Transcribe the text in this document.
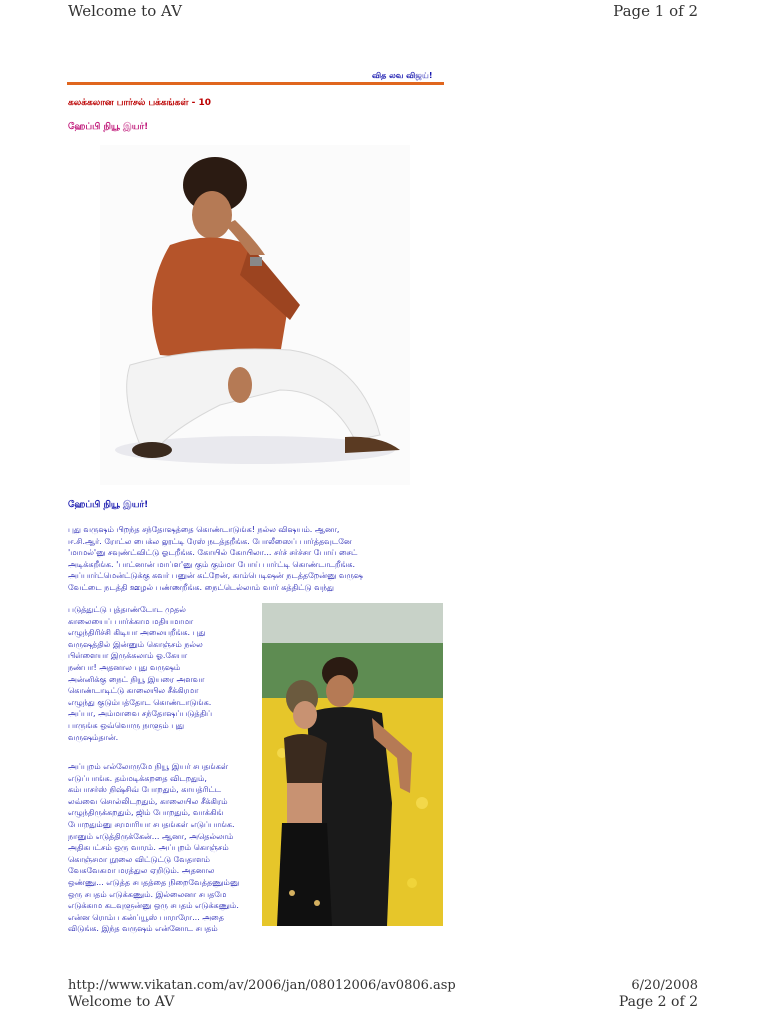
Welcome to AV	Page 1 of 2
வித லவ விஜய்!
கலக்கலான பார்சல் பக்கங்கள் - 10
ஹேப்பி நியூ இயர்!
ஹேப்பி நியூ இயர்!
புது வருஷம் பிறந்த சந்தோஷத்தை கொண்டாடுங்க! நல்ல விஷயம். ஆனா,
ஈ.சி.ஆர். ரோட்ல பைக்ல லூட்டி ரேஸ் நடத்தறீங்க. போலீஸைப் பார்த்தவுடனே
'மாமல்'னு சவுண்ட்விட்டு ஓடறீங்க. கோயில் கோயிலா... சர்ச் சர்ச்சா போய் சைட்
அடிக்கறீங்க. 'பாட்னான் மாப்ள'னு கும் கும்மா போய் பார்ட்டி கொண்டாடறீங்க.
அப்பார்ட்மென்ட்டுக்கு கவர் பனுன் கட்றேன், காம்பெடிஷன் நடத்தறேன்னு வருஷ
வேட்டை நடத்தி ஊழல் பண்ணறீங்க. நைட்டெல்லாம் வார் கத்திட்டு வந்து
படுத்துட்டு புத்தாண்டோட முதல்
காலையைப் பார்க்காம மதியமாமா
எழுந்திரிச்சி கிடியா அலையறீங்க. புது
வருஷத்தில் இன்னும் கொஞ்சம் நல்ல
பிள்ளையா இருக்கலாம் ஓ.கேயா
நண்பா! அதனால புது வருஷம்
அன்னிக்கு நைட் நியூ இயரை அளவா
கொண்டாடிட்டு காலையில சீக்கிரமா
எழுந்து குடும்பத்தோட கொண்டாடுங்க.
அப்பா, அம்மாவை சந்தோஷப்படுத்திப்
பாருங்க ஒவ்வொரு நாளும் புது
வருஷம்தான்.
அப்புறம் எல்லோருமே நியூ இயர் சபதங்கள்
எடுப்பாங்க. தம்மடிக்கறதை விடறதும்,
கம்பாசர்ஸ் நிஷ்சிவ் போறதும், காயத்ரிட்ட
லவ்வை சொல்லிடறதும், காலையில சீக்கிரம்
எழுந்திருக்கறதும், ஜிம் போறதும், வாக்கிங்
போறதும்னு சரமாரியா சபதங்கள் எடுப்பாங்க.
நானும் எடுத்திருக்கேன்... ஆனா, அதெல்லாம்
அதிகபட்சம் ஒரு வாரம். அப்புறம் கொஞ்சம்
கொஞ்சமா நூலை விட்டுட்டு வேதாளம்
வேகவேகமா மரத்துல ஏறிடும். அதனால
ஒண்ணு... எடுத்த சபதத்தை நிறைவேத்தணும்னு
ஒரு சபதம் எடுக்கணும். இல்லைனா சபதமே
எடுக்காம கடவுளுன்னு ஒரு சபதம் எடுக்கணும்.
என்ன ரொம்ப கன்ப்யூஸ் பாராரோ... அதை
விடுங்க. இந்த வருஷம் என்னோட சபதம்
http://www.vikatan.com/av/2006/jan/08012006/av0806.asp	6/20/2008
Welcome to AV	Page 2 of 2
